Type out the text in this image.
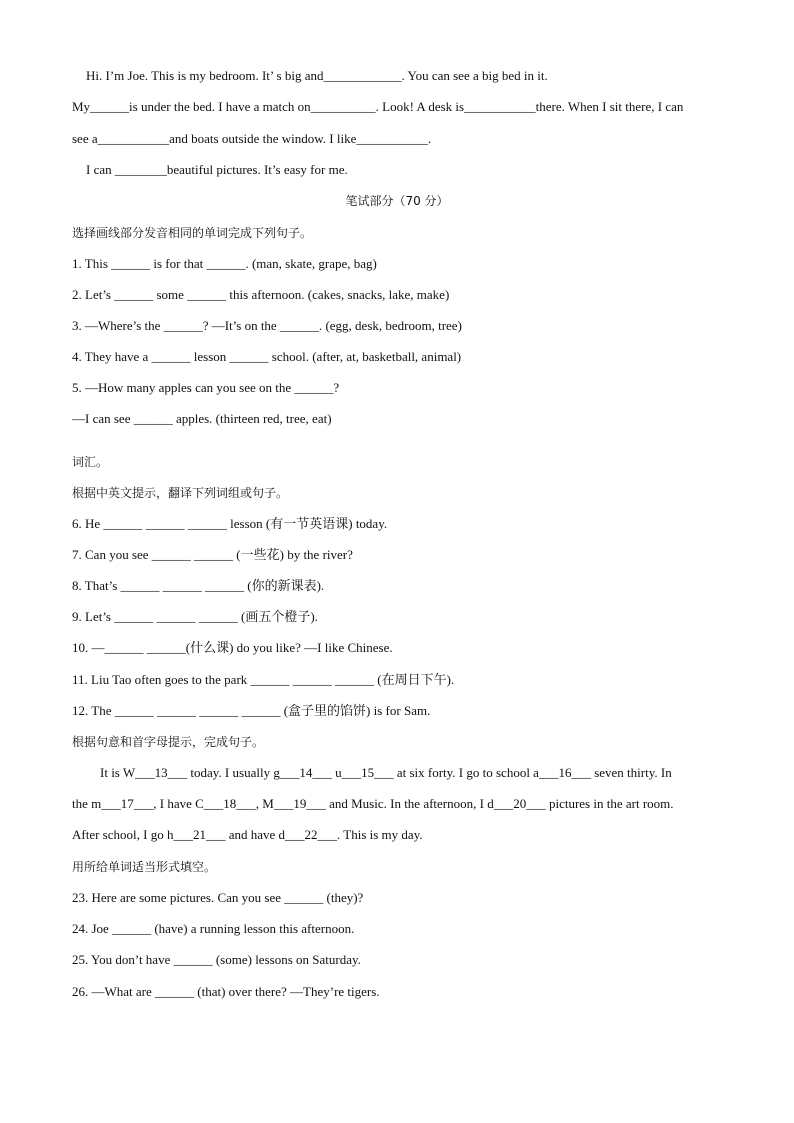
Hi. I’m Joe. This is my bedroom. It’ s big and____________. You can see a big bed in it.
My______is under the bed. I have a match on__________. Look! A desk is___________there. When I sit there, I can
see a___________and boats outside the window. I like___________.
I can ________beautiful pictures. It’s easy for me.
笔试部分（70 分）
选择画线部分发音相同的单词完成下列句子。
1. This ______ is for that ______. (man, skate, grape, bag)
2. Let’s ______ some ______ this afternoon. (cakes, snacks, lake, make)
3. —Where’s the ______? —It’s on the ______. (egg, desk, bedroom, tree)
4. They have a ______ lesson ______ school. (after, at, basketball, animal)
5. —How many apples can you see on the ______?
—I can see ______ apples. (thirteen red, tree, eat)
词汇。
根据中英文提示，翻译下列词组或句子。
6. He ______ ______ ______ lesson (有一节英语课) today.
7. Can you see ______ ______ (一些花) by the river?
8. That’s ______ ______ ______ (你的新课表).
9. Let’s ______ ______ ______ (画五个橙子).
10. —______ ______(什么课) do you like? —I like Chinese.
11. Liu Tao often goes to the park ______ ______ ______ (在周日下午).
12. The ______ ______ ______ ______ (盒子里的馅饼) is for Sam.
根据句意和首字母提示，完成句子。
It is W___13___ today. I usually g___14___ u___15___ at six forty. I go to school a___16___ seven thirty. In
the m___17___, I have C___18___, M___19___ and Music. In the afternoon, I d___20___ pictures in the art room.
After school, I go h___21___ and have d___22___. This is my day.
用所给单词适当形式填空。
23. Here are some pictures. Can you see ______ (they)?
24. Joe ______ (have) a running lesson this afternoon.
25. You don’t have ______ (some) lessons on Saturday.
26. —What are ______ (that) over there? —They’re tigers.
